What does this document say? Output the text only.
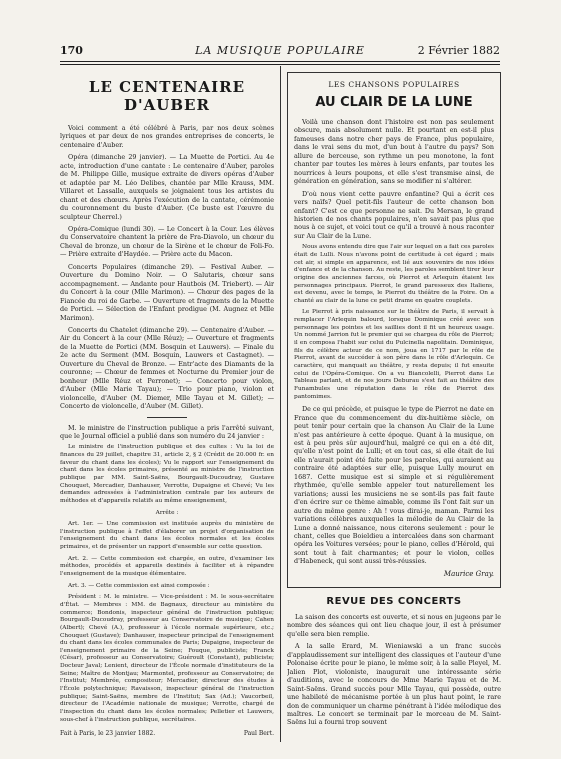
170	LA MUSIQUE POPULAIRE	2 Février 1882
LE CENTENAIRE D'AUBER

Voici comment a été célébré à Paris, par nos deux scènes lyriques et par deux de nos grandes entreprises de concerts, le centenaire d'Auber.

Opéra (dimanche 29 janvier). — La Muette de Portici. Au 4e acte, introduction d'une cantate : Le centenaire d'Auber, paroles de M. Philippe Gille, musique extraite de divers opéras d'Auber et adaptée par M. Léo Delibes, chantée par Mlle Krauss, MM. Villaret et Lassalle, auxquels se joignaient tous les artistes du chant et des chœurs. Après l'exécution de la cantate, cérémonie du couronnement du buste d'Auber. (Ce buste est l'œuvre du sculpteur Cherrel.)

Opéra-Comique (lundi 30). — Le Concert à la Cour. Les élèves du Conservatoire chantent la prière de Fra-Diavolo, un chœur du Cheval de bronze, un chœur de la Sirène et le chœur de Foli-Fo. — Prière extraite d'Haydée. — Prière acte du Macon.

Concerts Populaires (dimanche 29). — Festival Auber. — Ouverture du Domino Noir. — O Salutaris, chœur sans accompagnement. — Andante pour Hautbois (M. Triebert). — Air du Concert à la cour (Mlle Marimon). — Chœur des pages de la Fiancée du roi de Garbe. — Ouverture et fragments de la Muette de Portici. — Sélection de l'Enfant prodigue (M. Augnez et Mlle Marimon).

Concerts du Chatelet (dimanche 29). — Centenaire d'Auber. — Air du Concert à la cour (Mlle Réuz); — Ouverture et fragments de la Muette de Portici (MM. Bosquin et Lauwers). — Finale du 2e acte du Serment (MM. Bosquin, Lauwers et Castagnet). — Ouverture du Cheval de Bronze. — Entr'acte des Diamants de la couronne; — Chœur de femmes et Nocturne du Premier jour de bonheur (Mlle Réuz et Perronet); — Concerto pour violon, d'Auber (Mlle Marie Tayau); — Trio pour piano, violon et violoncelle, d'Auber (M. Diemer, Mlle Tayau et M. Gillet); — Concerto de violoncelle, d'Auber (M. Gillet).

M. le ministre de l'instruction publique a pris l'arrêté suivant, que le Journal officiel a publié dans son numéro du 24 janvier :

Le ministre de l'instruction publique et des cultes : Vu la loi de finances du 29 juillet, chapitre 31, article 2, § 2 (Crédit de 20.000 fr. en faveur du chant dans les écoles); Vu le rapport sur l'enseignement du chant dans les écoles primaires, présenté au ministre de l'instruction publique par MM. Saint-Saëns, Bourgault-Ducoudray, Gustave Chouquet, Mercadier, Danhauser, Verrotte, Dupaigne et Chevé; Vu les demandes adressées à l'administration centrale par les auteurs de méthodes et d'appareils relatifs au même enseignement,

Arrête :

Art. 1er. — Une commission est instituée auprès du ministère de l'instruction publique à l'effet d'élaborer un projet d'organisation de l'enseignement du chant dans les écoles normales et les écoles primaires, et de présenter un rapport d'ensemble sur cette question.

Art. 2. — Cette commission est chargée, en outre, d'examiner les méthodes, procédés et appareils destinés à faciliter et à répandre l'enseignement de la musique élémentaire.

Art. 3. — Cette commission est ainsi composée :

Président : M. le ministre. — Vice-président : M. le sous-secrétaire d'État. — Membres : MM. de Bagnaux, directeur au ministère du commerce; Bondonis, inspecteur général de l'instruction publique; Bourgault-Ducoudray, professeur au Conservatoire de musique; Cahen (Albert); Chevé (A.), professeur à l'école normale supérieure, etc.; Chouquet (Gustave); Danhauser, inspecteur principal de l'enseignement du chant dans les écoles communales de Paris; Dupaigne, inspecteur de l'enseignement primaire de la Seine; Fouque, publiciste; Franck (César), professeur au Conservatoire; Guéroult (Constant), publiciste; Docteur Javal; Lenient, directeur de l'École normale d'instituteurs de la Seine; Maître de Montjau; Marmontel, professeur au Conservatoire; de l'Institut; Membrée, compositeur; Mercadier, directeur des études à l'École polytechnique; Ravaisson, inspecteur général de l'instruction publique; Saint-Saëns, membre de l'Institut; Sax (Ad.); Vaucorbeil, directeur de l'Académie nationale de musique; Verrotte, chargé de l'inspection du chant dans les écoles normales; Pelletier et Lauwers, sous-chef à l'instruction publique, secrétaires.

Fait à Paris, le 23 janvier 1882.	Paul Bert.

LES CHANSONS POPULAIRES
AU CLAIR DE LA LUNE

Voilà une chanson dont l'histoire est non pas seulement obscure, mais absolument nulle. Et pourtant en est-il plus fameuses dans notre cher pays de France, plus populaire, dans le vrai sens du mot, d'un bout à l'autre du pays? Son allure de berceuse, son rythme un peu monotone, la font chanter par toutes les mères à leurs enfants, par toutes les nourrices à leurs poupons, et elle s'est transmise ainsi, de génération en génération, sans se modifier ni s'altérer.

D'où nous vient cette pauvre enfantine? Qui a écrit ces vers naïfs? Quel petit-fils l'auteur de cette chanson bon enfant? C'est ce que personne ne sait. Du Mersan, le grand historien de nos chants populaires, n'en savait pas plus que nous à ce sujet, et voici tout ce qu'il a trouvé à nous raconter sur Au Clair de la Lune.

Nous avons entendu dire que l'air sur lequel on a fait ces paroles était de Lulli. Nous n'avons point de certitude à cet égard ; mais cet air, si simple en apparence, est lié aux souvenirs de nos idées d'enfance et de la chanson. Au reste, les paroles semblent tirer leur origine des anciennes farces, où Pierrot et Arlequin étaient les personnages principaux. Pierrot, le grand paresseux des Italiens, est devenu, avec le temps, le Pierrot du théâtre de la Foire. On a chanté au clair de la lune ce petit drame en quatre couplets.

Le Pierrot à pris naissance sur le théâtre de Paris, il servait à remplacer l'Arlequin balourd, lorsque Dominique créé avec son personnage les pointes et les saillies dont il fit un heureux usage. Un nommé Jarrion fut le premier qui se chargea du rôle de Pierrot; il en composa l'habit sur celui du Pulcinella napolitain. Dominique, fils du célèbre acteur de ce nom, joua en 1717 par le rôle de Pierrot, avant de succéder à son père dans le rôle d'Arlequin. Ce caractère, qui manquait au théâtre, y resta depuis; il fut ensuite celui de l'Opéra-Comique. On a vu Biancolelli, Pierrot dans Le Tableau parlant, et de nos jours Deburau s'est fait au théâtre des Funambules une réputation dans le rôle de Pierrot des pantomimes.

De ce qui précède, et puisque le type de Pierrot ne date en France que du commencement du dix-huitième siècle, on peut tenir pour certain que la chanson Au Clair de la Lune n'est pas antérieure à cette époque. Quant à la musique, on est à peu près sûr aujourd'hui, malgré ce qui en a été dit, qu'elle n'est point de Lulli; et en tout cas, si elle était de lui elle n'aurait point été faite pour les paroles, qui auraient au contraire été adaptées sur elle, puisque Lully mourut en 1687. Cette musique est si simple et si régulièrement rhythmée, qu'elle semble appeler tout naturellement les variations; aussi les musiciens ne se sont-ils pas fait faute d'en écrire sur ce thème aimable, comme ils l'ont fait sur un autre du même genre : Ah ! vous dirai-je, maman. Parmi les variations célèbres auxquelles la mélodie de Au Clair de la Lune a donné naissance, nous citerons seulement : pour le chant, celles que Boieldieu a intercalées dans son charmant opéra les Voitures versées; pour le piano, celles d'Hérold, qui sont tout à fait charmantes; et pour le violon, celles d'Habeneck, qui sont aussi très-réussies.

Maurice Gray.

REVUE DES CONCERTS

La saison des concerts est ouverte, et si nous en jugeons par le nombre des séances qui ont lieu chaque jour, il est à présumer qu'elle sera bien remplie.

A la salle Erard, M. Wieniawski a un franc succès d'applaudissement sur intelligent des classiques et l'auteur d'une Polonaise écrite pour le piano, le même soir, à la salle Pleyel, M. Jalien Plot, violoniste, inaugurait une intéressante série d'auditions, avec le concours de Mme Marie Tayau et de M. Saint-Saëns. Grand succès pour Mlle Tayau, qui possède, outre une habileté de mécanisme portée à un plus haut point, le rare don de communiquer un charme pénétrant à l'idée mélodique des maîtres. Le concert se terminait par le morceau de M. Saint-Saëns lui a fourni trop souvent
